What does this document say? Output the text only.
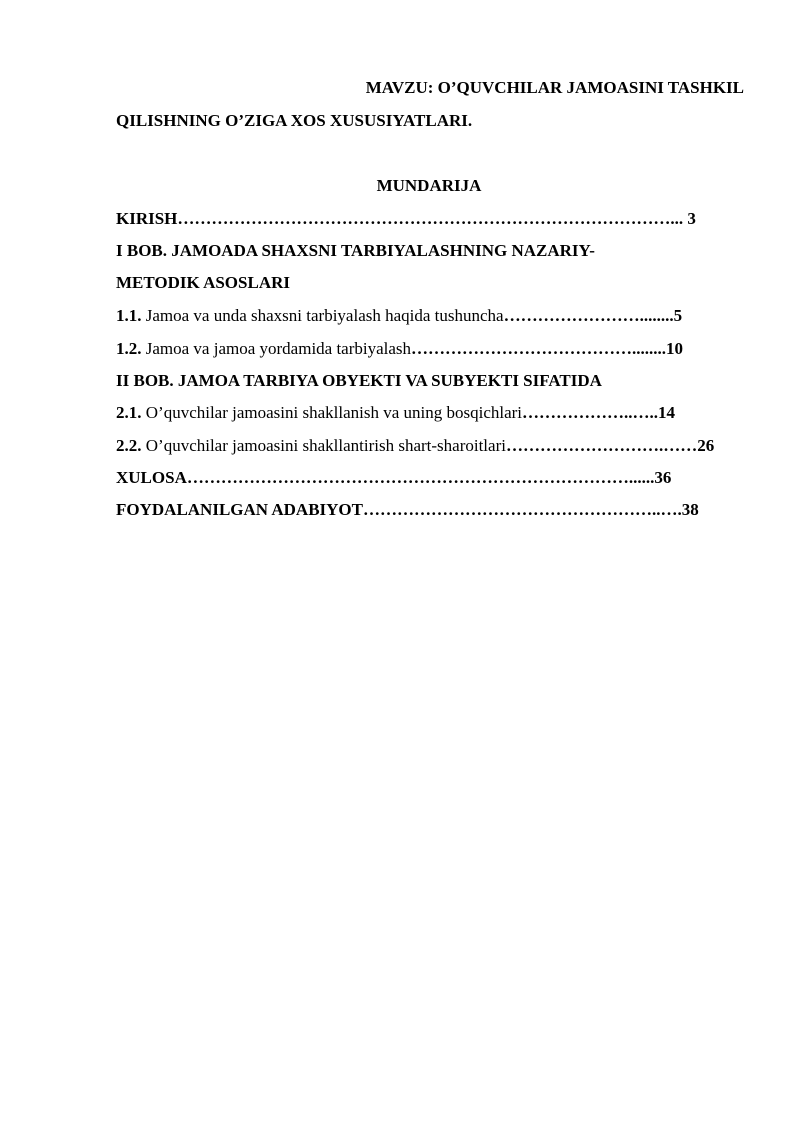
MAVZU: O’QUVCHILAR JAMOASINI TASHKIL
QILISHNING O’ZIGA XOS XUSUSIYATLARI.
MUNDARIJA
KIRISH……………………………………………………………………………... 3
I BOB. JAMOADA SHAXSNI TARBIYALASHNING NAZARIY-
METODIK ASOSLARI
1.1. Jamoa va unda shaxsni tarbiyalash haqida tushuncha……………………........5
1.2. Jamoa va jamoa yordamida tarbiyalash…………………………………........10
II BOB. JAMOA TARBIYA OBYEKTI VA SUBYEKTI SIFATIDA
2.1. O’quvchilar jamoasini shakllanish va uning bosqichlari………………..…..14
2.2. O’quvchilar jamoasini shakllantirish shart-sharoitlari……………………….……26
XULOSA……………………………………………………………………......36
FOYDALANILGAN ADABIYOT……………………………………………..….38
